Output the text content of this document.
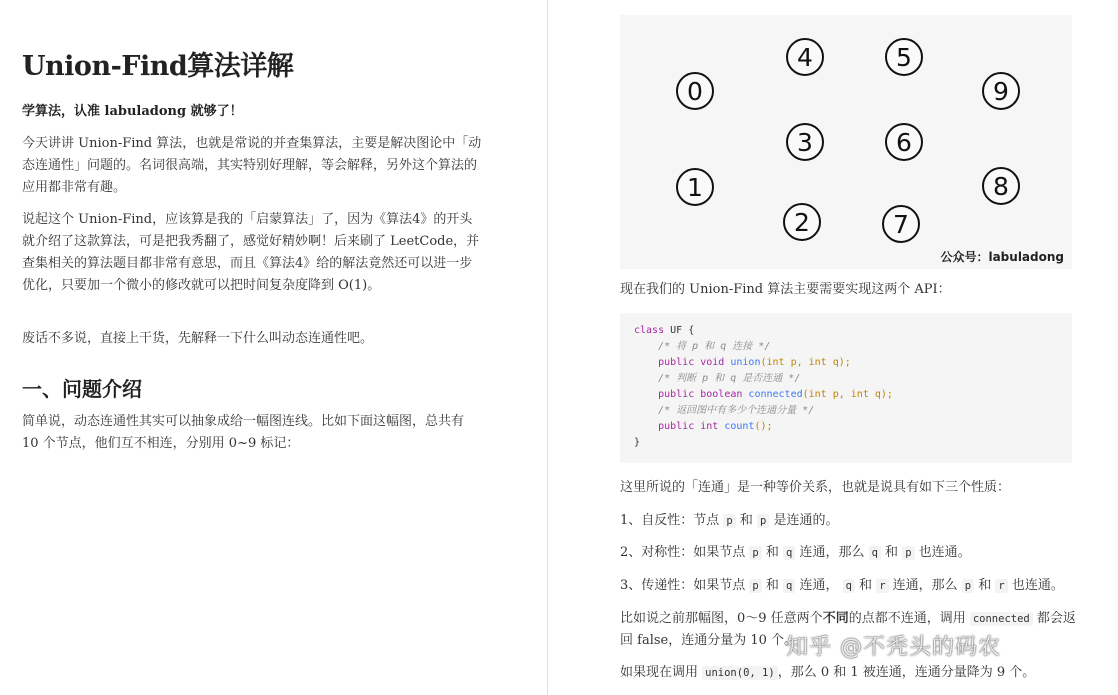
Union-Find算法详解

学算法，认准 labuladong 就够了！

今天讲讲 Union-Find 算法，也就是常说的并查集算法，主要是解决图论中「动态连通性」问题的。名词很高端，其实特别好理解，等会解释，另外这个算法的应用都非常有趣。

说起这个 Union-Find，应该算是我的「启蒙算法」了，因为《算法4》的开头就介绍了这款算法，可是把我秀翻了，感觉好精妙啊！后来刷了 LeetCode，并查集相关的算法题目都非常有意思，而且《算法4》给的解法竟然还可以进一步优化，只要加一个微小的修改就可以把时间复杂度降到 O(1)。

废话不多说，直接上干货，先解释一下什么叫动态连通性吧。

一、问题介绍

简单说，动态连通性其实可以抽象成给一幅图连线。比如下面这幅图，总共有 10 个节点，他们互不相连，分别用 0~9 标记：

0
1
2
3
4	5
6
7
8
9
公众号：labuladong

现在我们的 Union-Find 算法主要需要实现这两个 API：

class UF {
/* 将 p 和 q 连接 */
public void union(int p, int q);
/* 判断 p 和 q 是否连通 */
public boolean connected(int p, int q);
/* 返回图中有多少个连通分量 */
public int count();
}

这里所说的「连通」是一种等价关系，也就是说具有如下三个性质：

1、自反性：节点 p 和 p 是连通的。

2、对称性：如果节点 p 和 q 连通，那么 q 和 p 也连通。

3、传递性：如果节点 p 和 q 连通， q 和 r 连通，那么 p 和 r 也连通。

比如说之前那幅图，0～9 任意两个不同的点都不连通，调用 connected 都会返回 false，连通分量为 10 个。

如果现在调用 union(0, 1) ，那么 0 和 1 被连通，连通分量降为 9 个。

知乎 @不秃头的码农
